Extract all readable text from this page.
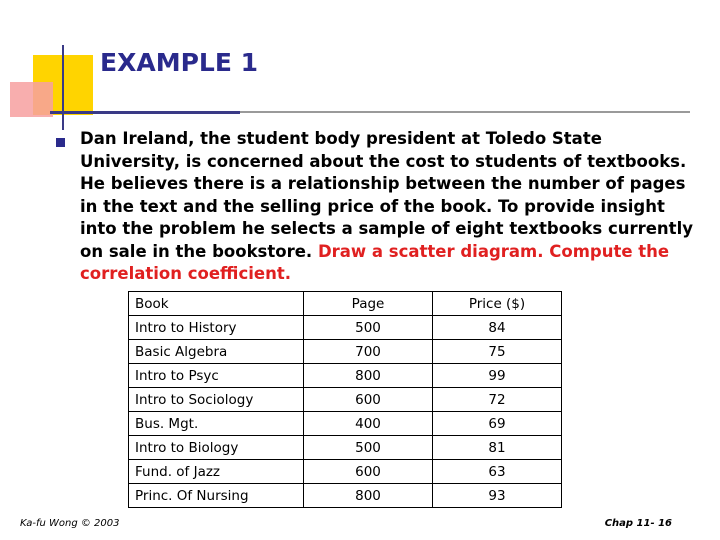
EXAMPLE 1
Dan Ireland, the student body president at Toledo State University, is concerned about the cost to students of textbooks. He believes there is a relationship between the number of pages in the text and the selling price of the book. To provide insight into the problem he selects a sample of eight textbooks currently on sale in the bookstore. Draw a scatter diagram. Compute the correlation coefficient.
Book	Page	Price ($)
Intro to History	500	84
Basic Algebra	700	75
Intro to Psyc	800	99
Intro to Sociology	600	72
Bus. Mgt.	400	69
Intro to Biology	500	81
Fund. of Jazz	600	63
Princ. Of Nursing	800	93
Ka-fu Wong © 2003	Chap 11- 16
